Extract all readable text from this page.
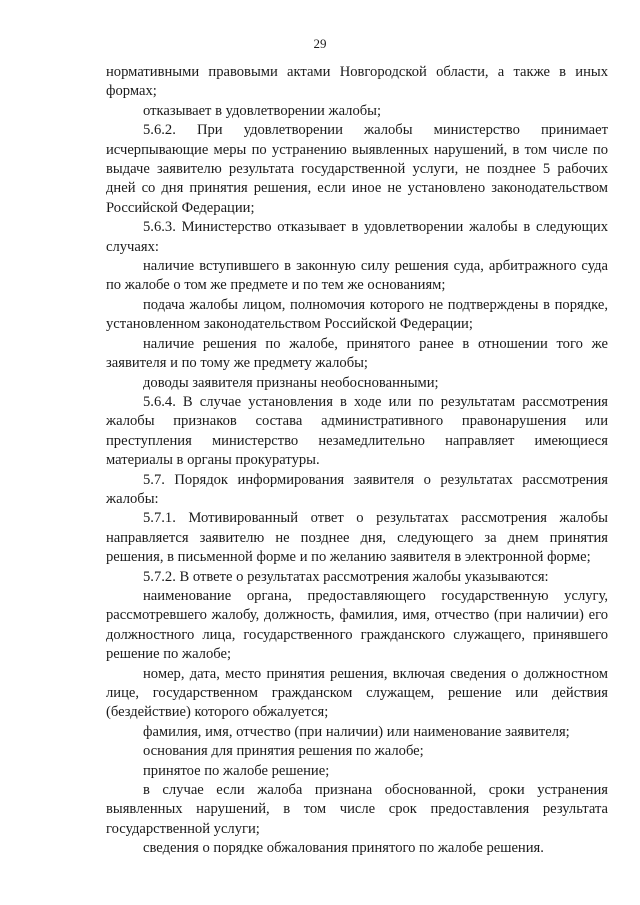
29

нормативными правовыми актами Новгородской области, а также в иных формах;

отказывает в удовлетворении жалобы;

5.6.2. При удовлетворении жалобы министерство принимает исчерпывающие меры по устранению выявленных нарушений, в том числе по выдаче заявителю результата государственной услуги, не позднее 5 рабочих дней со дня принятия решения, если иное не установлено законодательством Российской Федерации;

5.6.3. Министерство отказывает в удовлетворении жалобы в следующих случаях:

наличие вступившего в законную силу решения суда, арбитражного суда по жалобе о том же предмете и по тем же основаниям;

подача жалобы лицом, полномочия которого не подтверждены в порядке, установленном законодательством Российской Федерации;

наличие решения по жалобе, принятого ранее в отношении того же заявителя и по тому же предмету жалобы;

доводы заявителя признаны необоснованными;

5.6.4. В случае установления в ходе или по результатам рассмотрения жалобы признаков состава административного правонарушения или преступления министерство незамедлительно направляет имеющиеся материалы в органы прокуратуры.

5.7. Порядок информирования заявителя о результатах рассмотрения жалобы:

5.7.1. Мотивированный ответ о результатах рассмотрения жалобы направляется заявителю не позднее дня, следующего за днем принятия решения, в письменной форме и по желанию заявителя в электронной форме;

5.7.2. В ответе о результатах рассмотрения жалобы указываются:

наименование органа, предоставляющего государственную услугу, рассмотревшего жалобу, должность, фамилия, имя, отчество (при наличии) его должностного лица, государственного гражданского служащего, принявшего решение по жалобе;

номер, дата, место принятия решения, включая сведения о должностном лице, государственном гражданском служащем, решение или действия (бездействие) которого обжалуется;

фамилия, имя, отчество (при наличии) или наименование заявителя;

основания для принятия решения по жалобе;

принятое по жалобе решение;

в случае если жалоба признана обоснованной, сроки устранения выявленных нарушений, в том числе срок предоставления результата государственной услуги;

сведения о порядке обжалования принятого по жалобе решения.
